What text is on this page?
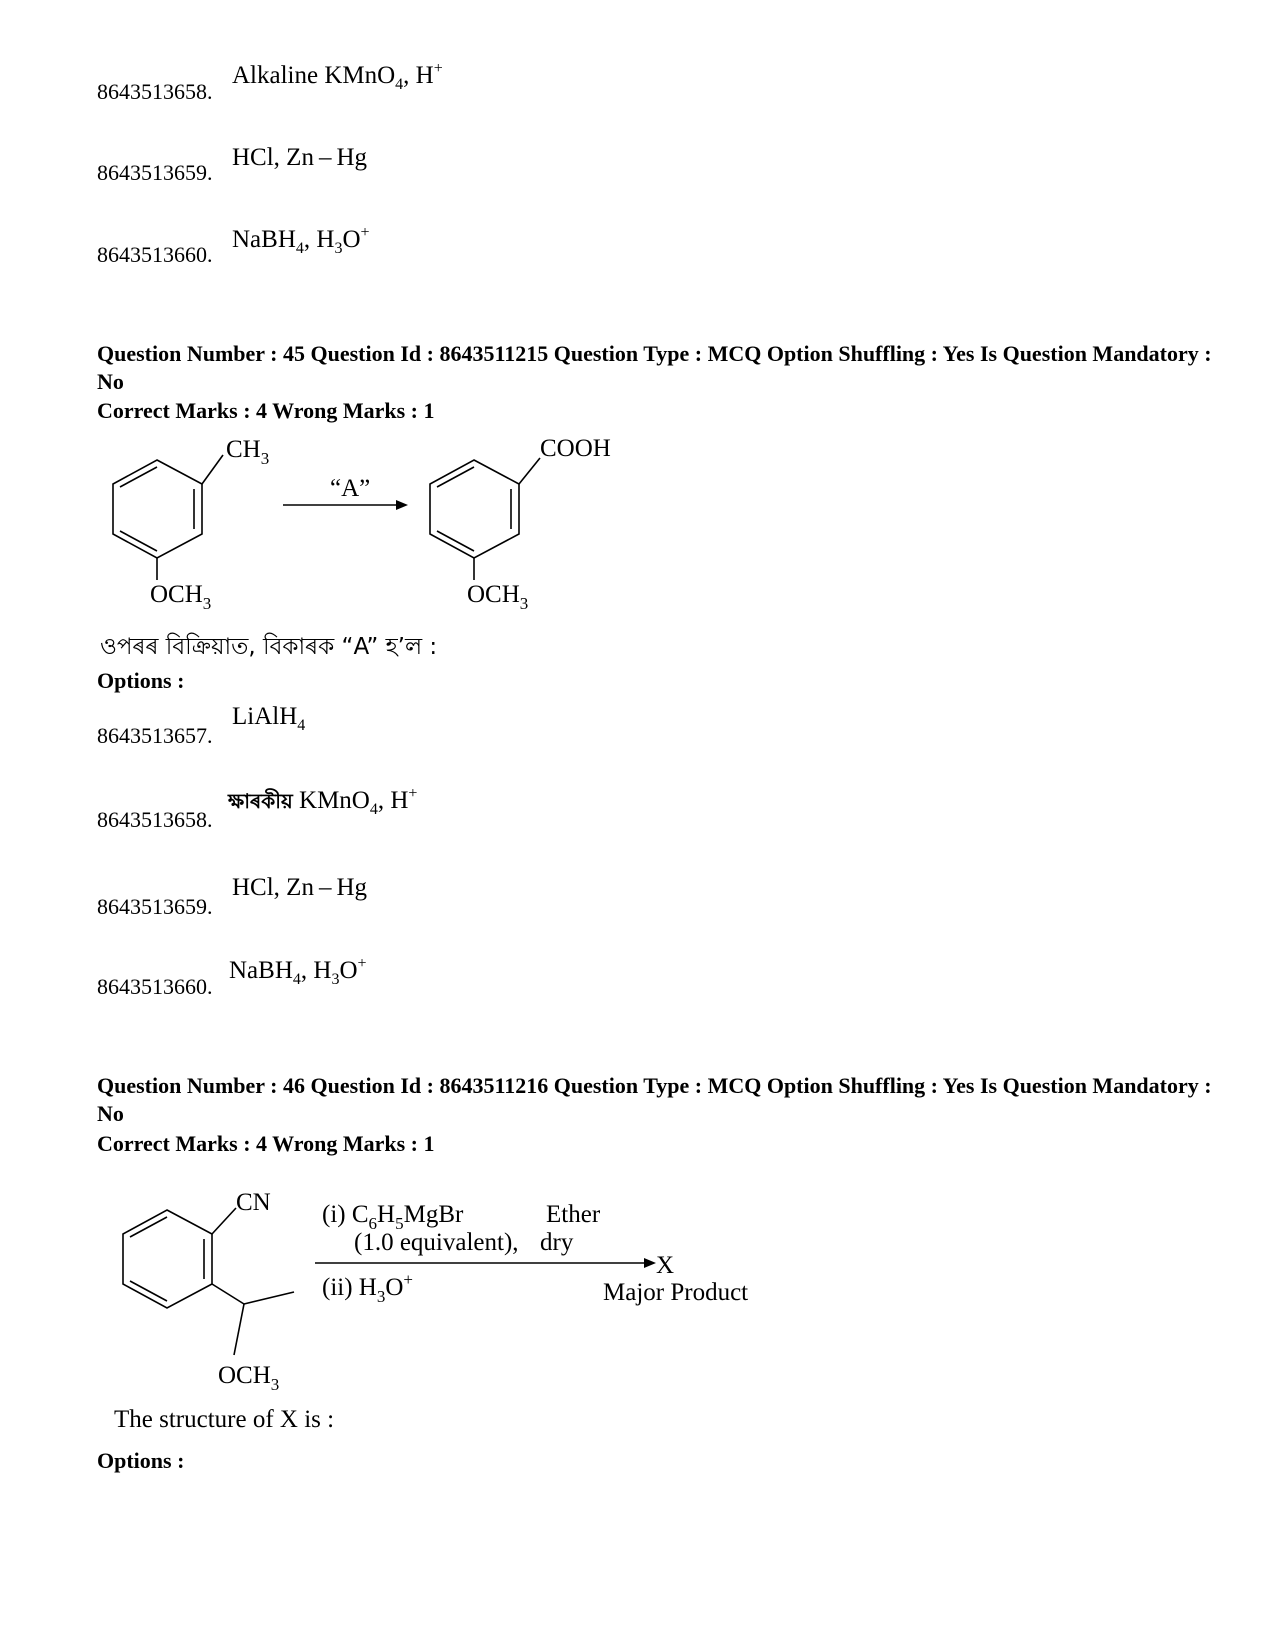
8643513658.
Alkaline KMnO$_4$, H+
8643513659.
HCl, Zn – Hg
8643513660.
NaBH$_4$, $H_3O^+$
Question Number : 45 Question Id : 8643511215 Question Type : MCQ Option Shuffling : Yes Is Question Mandatory : No
Correct Marks : 4 Wrong Marks : 1
$CH_3$
$OCH_3$
“A”
COOH
$OCH_3$
ওপৰৰ বিক্ৰিয়াত, বিকাৰক “A” হ’ল :
Options :
8643513657.
LiAlH$_4$
8643513658.
ক্ষাৰকীয় KMnO$_4$, H+
8643513659.
HCl, Zn – Hg
8643513660.
NaBH$_4$, $H_3O^+$
Question Number : 46 Question Id : 8643511216 Question Type : MCQ Option Shuffling : Yes Is Question Mandatory : No
Correct Marks : 4 Wrong Marks : 1
CN
$OCH_3$
(i) $C_6H_5MgBr$
(1.0 equivalent),
Ether
dry
(ii) $H_3O^+$
X
Major Product
The structure of X is :
Options :
